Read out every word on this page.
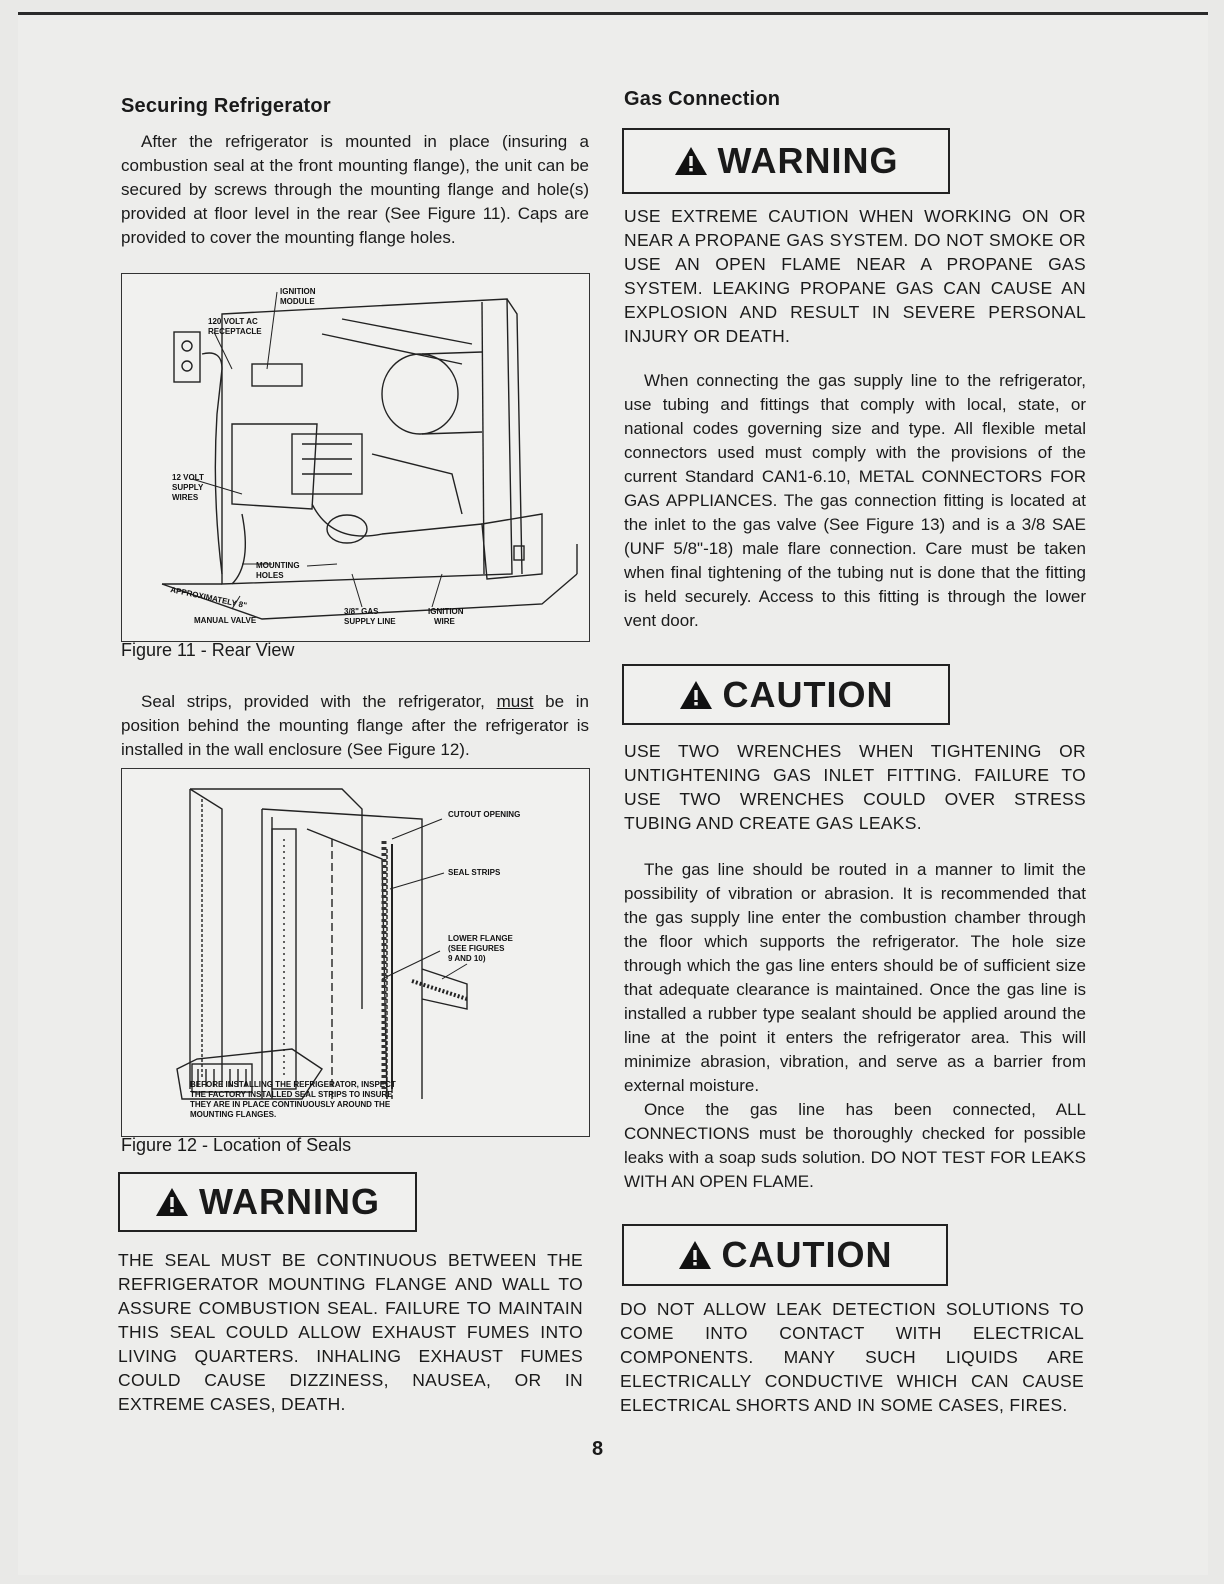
Securing Refrigerator

After the refrigerator is mounted in place (insuring a combustion seal at the front mounting flange), the unit can be secured by screws through the mounting flange and hole(s) provided at floor level in the rear (See Figure 11). Caps are provided to cover the mounting flange holes.

IGNITION
MODULE
120 VOLT AC
RECEPTACLE
12 VOLT
SUPPLY
WIRES
MOUNTING
HOLES
APPROXIMATELY 8"
MANUAL VALVE
3/8" GAS
SUPPLY LINE
IGNITION
WIRE
Figure 11 - Rear View

Seal strips, provided with the refrigerator, must be in position behind the mounting flange after the refrigerator is installed in the wall enclosure (See Figure 12).

CUTOUT OPENING
SEAL STRIPS
LOWER FLANGE
(SEE FIGURES
9 AND 10)
BEFORE INSTALLING THE REFRIGERATOR, INSPECT
THE FACTORY INSTALLED SEAL STRIPS TO INSURE
THEY ARE IN PLACE CONTINUOUSLY AROUND THE
MOUNTING FLANGES.
Figure 12 - Location of Seals
WARNING

THE SEAL MUST BE CONTINUOUS BETWEEN THE REFRIGERATOR MOUNTING FLANGE AND WALL TO ASSURE COMBUSTION SEAL. FAILURE TO MAINTAIN THIS SEAL COULD ALLOW EXHAUST FUMES INTO LIVING QUARTERS. INHALING EXHAUST FUMES COULD CAUSE DIZZINESS, NAUSEA, OR IN EXTREME CASES, DEATH.

Gas Connection
WARNING

USE EXTREME CAUTION WHEN WORKING ON OR NEAR A PROPANE GAS SYSTEM. DO NOT SMOKE OR USE AN OPEN FLAME NEAR A PROPANE GAS SYSTEM. LEAKING PROPANE GAS CAN CAUSE AN EXPLOSION AND RESULT IN SEVERE PERSONAL INJURY OR DEATH.

When connecting the gas supply line to the refrigerator, use tubing and fittings that comply with local, state, or national codes governing size and type. All flexible metal connectors used must comply with the provisions of the current Standard CAN1-6.10, METAL CONNECTORS FOR GAS APPLIANCES. The gas connection fitting is located at the inlet to the gas valve (See Figure 13) and is a 3/8 SAE (UNF 5/8"-18) male flare connection. Care must be taken when final tightening of the tubing nut is done that the fitting is held securely. Access to this fitting is through the lower vent door.

CAUTION

USE TWO WRENCHES WHEN TIGHTENING OR UNTIGHTENING GAS INLET FITTING. FAILURE TO USE TWO WRENCHES COULD OVER STRESS TUBING AND CREATE GAS LEAKS.

The gas line should be routed in a manner to limit the possibility of vibration or abrasion. It is recommended that the gas supply line enter the combustion chamber through the floor which supports the refrigerator. The hole size through which the gas line enters should be of sufficient size that adequate clearance is maintained. Once the gas line is installed a rubber type sealant should be applied around the line at the point it enters the refrigerator area. This will minimize abrasion, vibration, and serve as a barrier from external moisture.

Once the gas line has been connected, ALL CONNECTIONS must be thoroughly checked for possible leaks with a soap suds solution. DO NOT TEST FOR LEAKS WITH AN OPEN FLAME.

CAUTION

DO NOT ALLOW LEAK DETECTION SOLUTIONS TO COME INTO CONTACT WITH ELECTRICAL COMPONENTS. MANY SUCH LIQUIDS ARE ELECTRICALLY CONDUCTIVE WHICH CAN CAUSE ELECTRICAL SHORTS AND IN SOME CASES, FIRES.

8
